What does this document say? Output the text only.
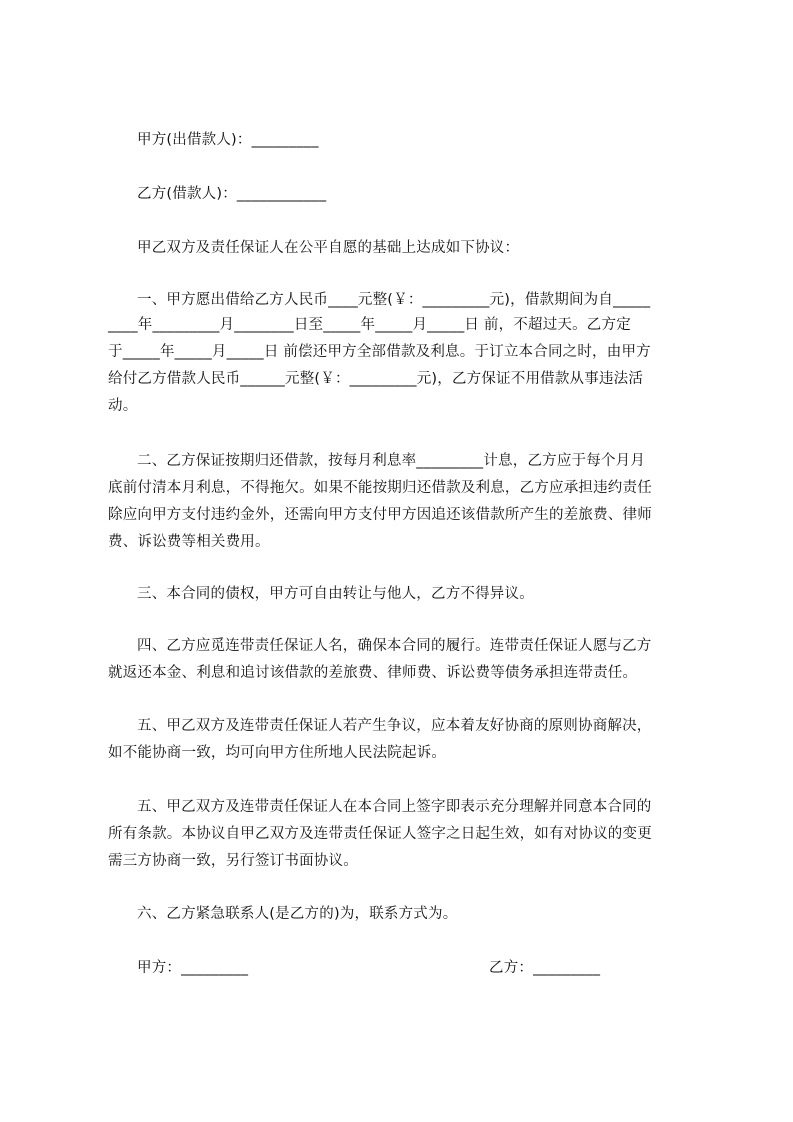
甲方(出借款人)：_________
乙方(借款人)：____________
甲乙双方及责任保证人在公平自愿的基础上达成如下协议：
一、甲方愿出借给乙方人民币____元整(￥：_________元)，借款期间为自_____
____年_________月________日至_____年_____月_____日 前，不超过天。乙方定
于_____年_____月_____日 前偿还甲方全部借款及利息。于订立本合同之时，由甲方
给付乙方借款人民币______元整(￥：_________元)，乙方保证不用借款从事违法活
动。
二、乙方保证按期归还借款，按每月利息率_________计息，乙方应于每个月月
底前付清本月利息，不得拖欠。如果不能按期归还借款及利息，乙方应承担违约责任
除应向甲方支付违约金外，还需向甲方支付甲方因追还该借款所产生的差旅费、律师
费、诉讼费等相关费用。
三、本合同的债权，甲方可自由转让与他人，乙方不得异议。
四、乙方应觅连带责任保证人名，确保本合同的履行。连带责任保证人愿与乙方
就返还本金、利息和追讨该借款的差旅费、律师费、诉讼费等债务承担连带责任。
五、甲乙双方及连带责任保证人若产生争议，应本着友好协商的原则协商解决，
如不能协商一致，均可向甲方住所地人民法院起诉。
五、甲乙双方及连带责任保证人在本合同上签字即表示充分理解并同意本合同的
所有条款。本协议自甲乙双方及连带责任保证人签字之日起生效，如有对协议的变更
需三方协商一致，另行签订书面协议。
六、乙方紧急联系人(是乙方的)为，联系方式为。
甲方：_________	乙方：_________
